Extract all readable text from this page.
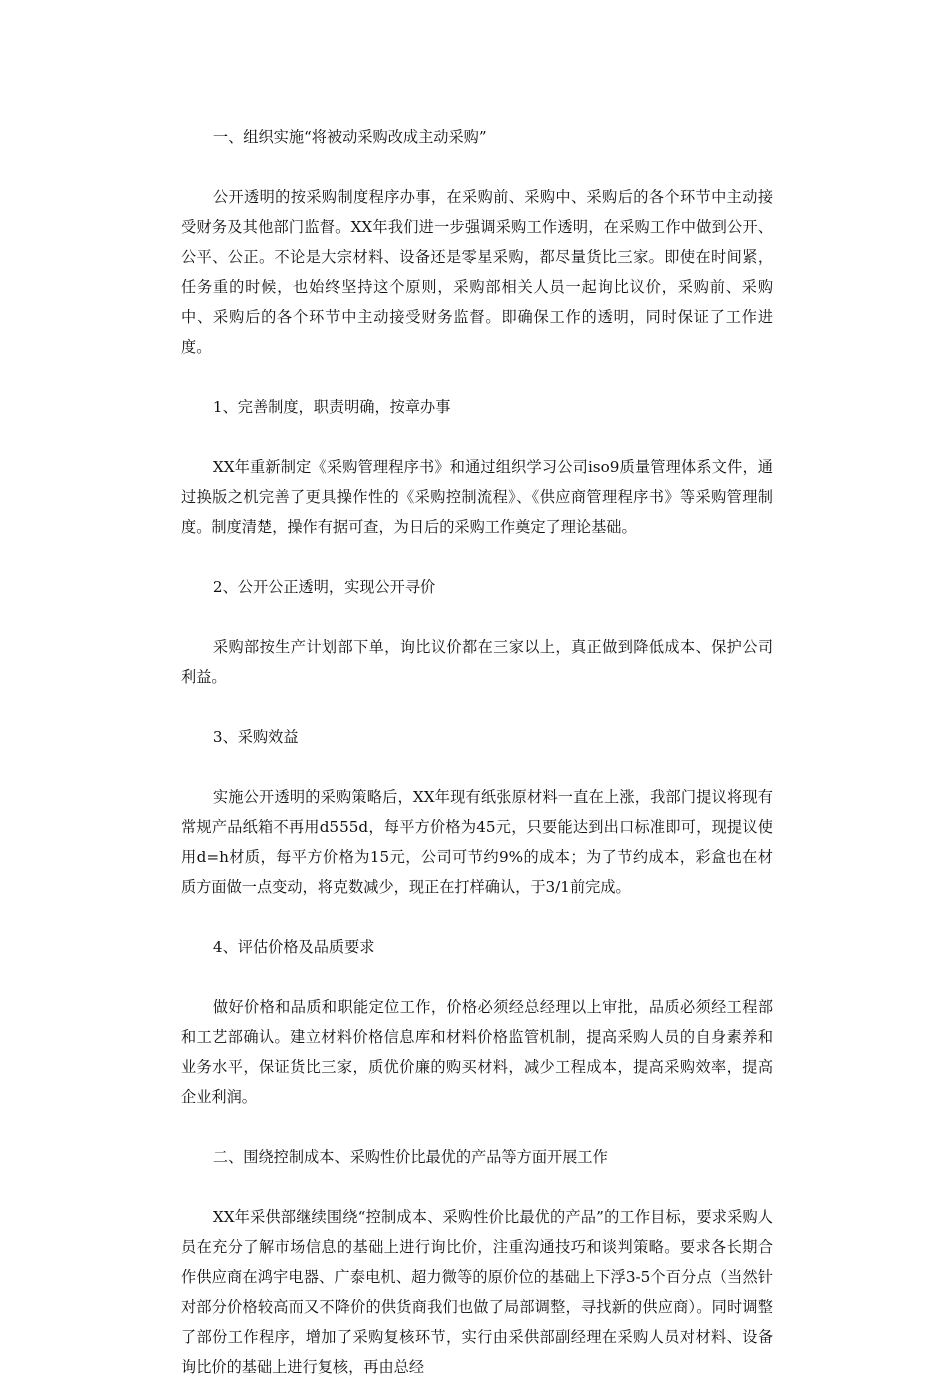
一、组织实施“将被动采购改成主动采购”

公开透明的按采购制度程序办事，在采购前、采购中、采购后的各个环节中主动接受财务及其他部门监督。XX年我们进一步强调采购工作透明，在采购工作中做到公开、公平、公正。不论是大宗材料、设备还是零星采购，都尽量货比三家。即使在时间紧，任务重的时候，也始终坚持这个原则，采购部相关人员一起询比议价，采购前、采购中、采购后的各个环节中主动接受财务监督。即确保工作的透明，同时保证了工作进度。

1、完善制度，职责明确，按章办事

XX年重新制定《采购管理程序书》和通过组织学习公司iso9质量管理体系文件，通过换版之机完善了更具操作性的《采购控制流程》、《供应商管理程序书》等采购管理制度。制度清楚，操作有据可查，为日后的采购工作奠定了理论基础。

2、公开公正透明，实现公开寻价

采购部按生产计划部下单，询比议价都在三家以上，真正做到降低成本、保护公司利益。

3、采购效益

实施公开透明的采购策略后，XX年现有纸张原材料一直在上涨，我部门提议将现有常规产品纸箱不再用d555d，每平方价格为45元，只要能达到出口标准即可，现提议使用d=h材质，每平方价格为15元，公司可节约9%的成本；为了节约成本，彩盒也在材质方面做一点变动，将克数减少，现正在打样确认，于3/1前完成。

4、评估价格及品质要求

做好价格和品质和职能定位工作，价格必须经总经理以上审批，品质必须经工程部和工艺部确认。建立材料价格信息库和材料价格监管机制，提高采购人员的自身素养和业务水平，保证货比三家，质优价廉的购买材料，减少工程成本，提高采购效率，提高企业利润。

二、围绕控制成本、采购性价比最优的产品等方面开展工作

XX年采供部继续围绕“控制成本、采购性价比最优的产品”的工作目标，要求采购人员在充分了解市场信息的基础上进行询比价，注重沟通技巧和谈判策略。要求各长期合作供应商在鸿宇电器、广泰电机、超力微等的原价位的基础上下浮3-5个百分点（当然针对部分价格较高而又不降价的供货商我们也做了局部调整，寻找新的供应商）。同时调整了部份工作程序，增加了采购复核环节，实行由采供部副经理在采购人员对材料、设备询比价的基础上进行复核，再由总经
